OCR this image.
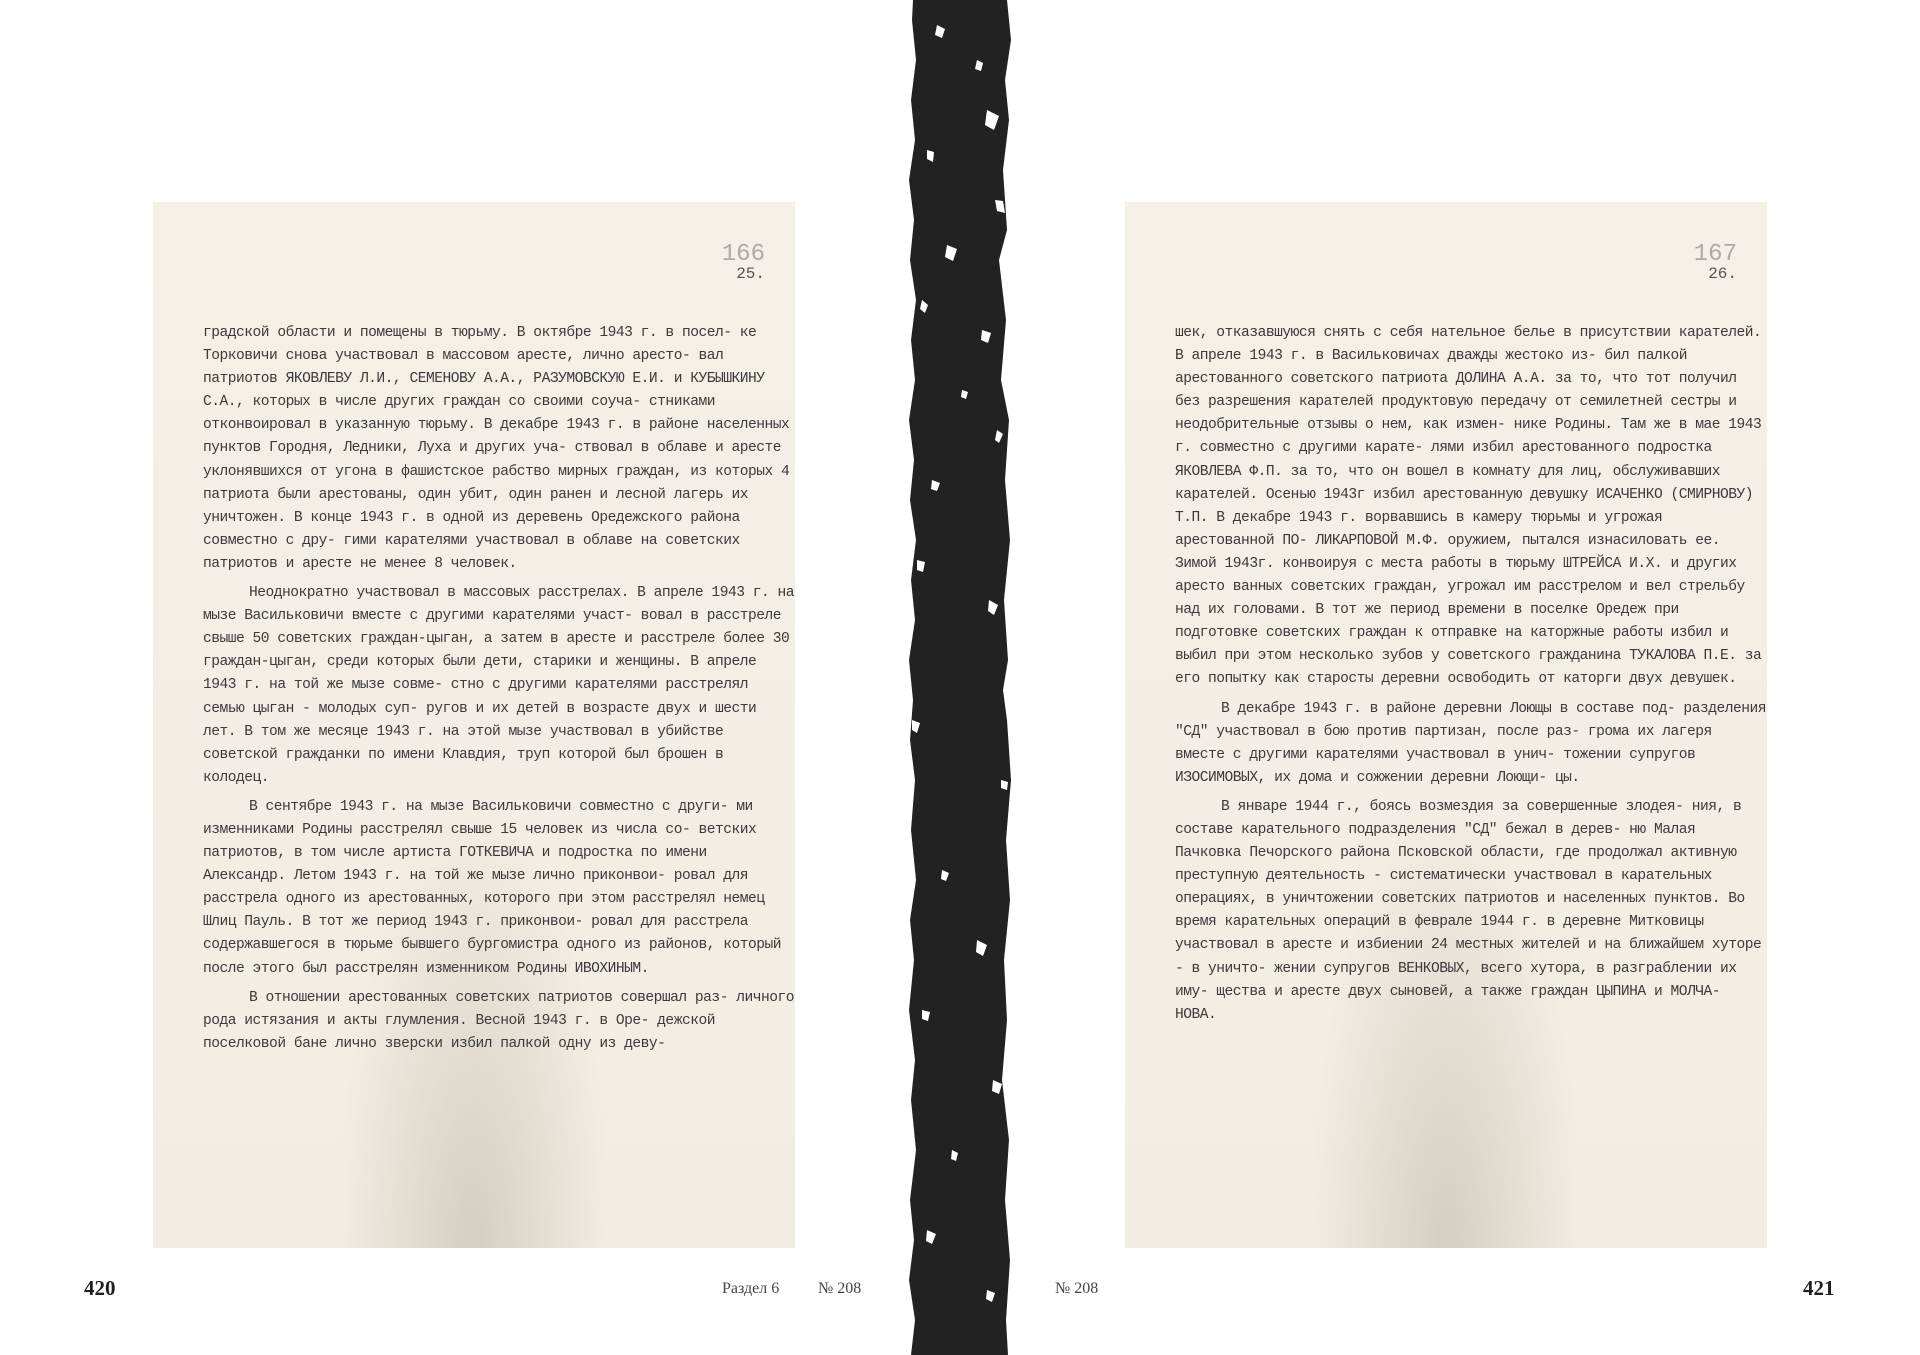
166
25.

градской области и помещены в тюрьму. В октябре 1943 г. в посел- ке Торковичи снова участвовал в массовом аресте, лично аресто- вал патриотов ЯКОВЛЕВУ Л.И., СЕМЕНОВУ А.А., РАЗУМОВСКУЮ Е.И. и КУБЫШКИНУ С.А., которых в числе других граждан со своими соуча- стниками отконвоировал в указанную тюрьму. В декабре 1943 г. в районе населенных пунктов Городня, Ледники, Луха и других уча- ствовал в облаве и аресте уклонявшихся от угона в фашистское рабство мирных граждан, из которых 4 патриота были арестованы, один убит, один ранен и лесной лагерь их уничтожен. В конце 1943 г. в одной из деревень Оредежского района совместно с дру- гими карателями участвовал в облаве на советских патриотов и аресте не менее 8 человек.

Неоднократно участвовал в массовых расстрелах. В апреле 1943 г. на мызе Васильковичи вместе с другими карателями участ- вовал в расстреле свыше 50 советских граждан-цыган, а затем в аресте и расстреле более 30 граждан-цыган, среди которых были дети, старики и женщины. В апреле 1943 г. на той же мызе совме- стно с другими карателями расстрелял семью цыган - молодых суп- ругов и их детей в возрасте двух и шести лет. В том же месяце 1943 г. на этой мызе участвовал в убийстве советской гражданки по имени Клавдия, труп которой был брошен в колодец.

В сентябре 1943 г. на мызе Васильковичи совместно с други- ми изменниками Родины расстрелял свыше 15 человек из числа со- ветских патриотов, в том числе артиста ГОТКЕВИЧА и подростка по имени Александр. Летом 1943 г. на той же мызе лично приконвои- ровал для расстрела одного из арестованных, которого при этом расстрелял немец Шлиц Пауль. В тот же период 1943 г. приконвои- ровал для расстрела содержавшегося в тюрьме бывшего бургомистра одного из районов, который после этого был расстрелян изменником Родины ИВОХИНЫМ.

В отношении арестованных советских патриотов совершал раз- личного рода истязания и акты глумления. Весной 1943 г. в Оре- дежской поселковой бане лично зверски избил палкой одну из деву-

167
26.

шек, отказавшуюся снять с себя нательное белье в присутствии карателей. В апреле 1943 г. в Васильковичах дважды жестоко из- бил палкой арестованного советского патриота ДОЛИНА А.А. за то, что тот получил без разрешения карателей продуктовую передачу от семилетней сестры и неодобрительные отзывы о нем, как измен- нике Родины. Там же в мае 1943 г. совместно с другими карате- лями избил арестованного подростка ЯКОВЛЕВА Ф.П. за то, что он вошел в комнату для лиц, обслуживавших карателей. Осенью 1943г избил арестованную девушку ИСАЧЕНКО (СМИРНОВУ) Т.П. В декабре 1943 г. ворвавшись в камеру тюрьмы и угрожая арестованной ПО- ЛИКАРПОВОЙ М.Ф. оружием, пытался изнасиловать ее. Зимой 1943г. конвоируя с места работы в тюрьму ШТРЕЙСА И.Х. и других аресто ванных советских граждан, угрожал им расстрелом и вел стрельбу над их головами. В тот же период времени в поселке Оредеж при подготовке советских граждан к отправке на каторжные работы избил и выбил при этом несколько зубов у советского гражданина ТУКАЛОВА П.Е. за его попытку как старосты деревни освободить от каторги двух девушек.

В декабре 1943 г. в районе деревни Лоющы в составе под- разделения "СД" участвовал в бою против партизан, после раз- грома их лагеря вместе с другими карателями участвовал в унич- тожении супругов ИЗОСИМОВЫХ, их дома и сожжении деревни Лоющи- цы.

В январе 1944 г., боясь возмездия за совершенные злодея- ния, в составе карательного подразделения "СД" бежал в дерев- ню Малая Пачковка Печорского района Псковской области, где продолжал активную преступную деятельность - систематически участвовал в карательных операциях, в уничтожении советских патриотов и населенных пунктов. Во время карательных операций в феврале 1944 г. в деревне Митковицы участвовал в аресте и избиении 24 местных жителей и на ближайшем хуторе - в уничто- жении супругов ВЕНКОВЫХ, всего хутора, в разграблении их иму- щества и аресте двух сыновей, а также граждан ЦЫПИНА и МОЛЧА- НОВА.

420	Раздел 6 № 208	№ 208	421
